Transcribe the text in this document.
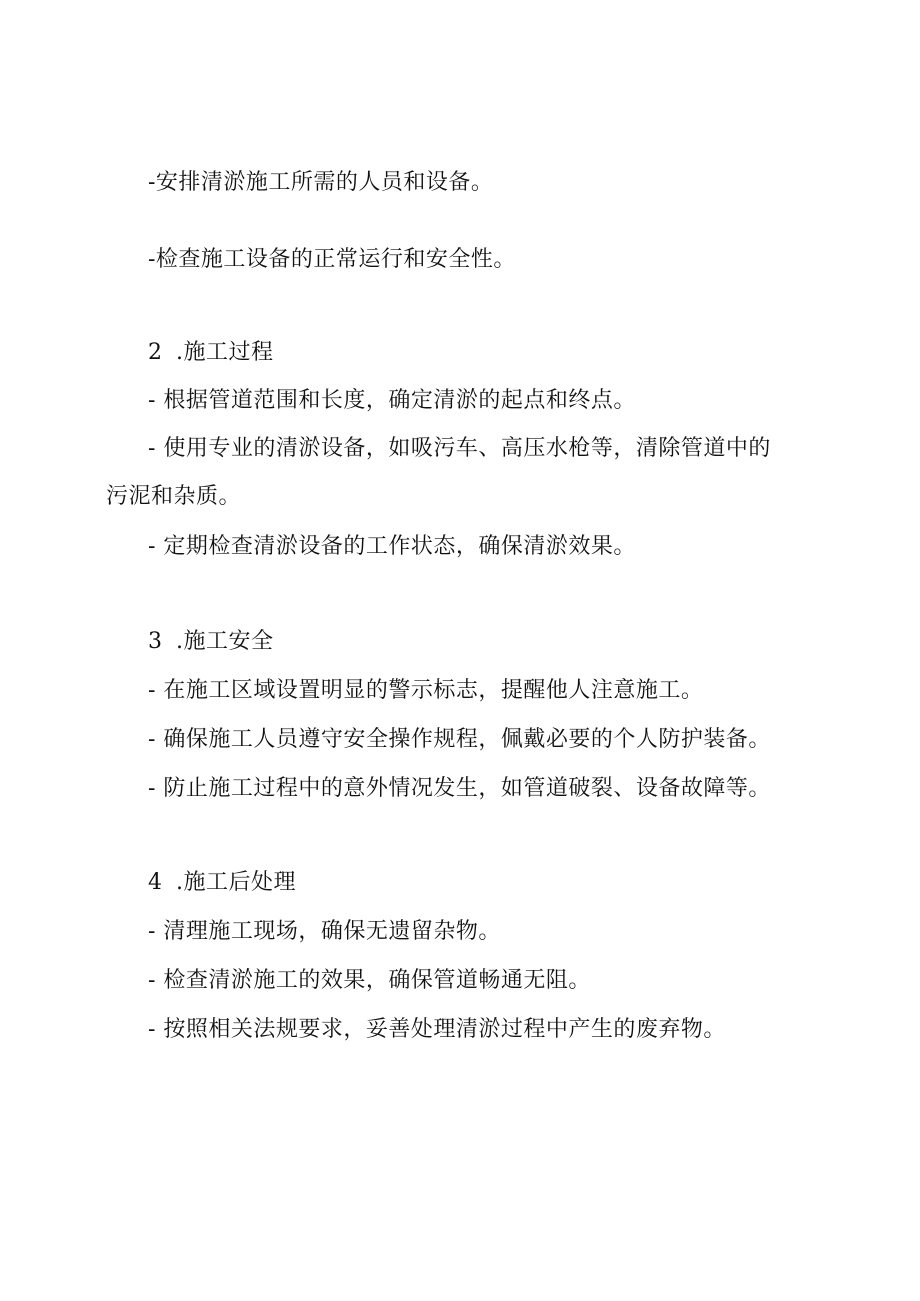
-安排清淤施工所需的人员和设备。
-检查施工设备的正常运行和安全性。
2 .施工过程
- 根据管道范围和长度，确定清淤的起点和终点。
- 使用专业的清淤设备，如吸污车、高压水枪等，清除管道中的
污泥和杂质。
- 定期检查清淤设备的工作状态，确保清淤效果。
3 .施工安全
- 在施工区域设置明显的警示标志，提醒他人注意施工。
- 确保施工人员遵守安全操作规程，佩戴必要的个人防护装备。
- 防止施工过程中的意外情况发生，如管道破裂、设备故障等。
4 .施工后处理
- 清理施工现场，确保无遗留杂物。
- 检查清淤施工的效果，确保管道畅通无阻。
- 按照相关法规要求，妥善处理清淤过程中产生的废弃物。
